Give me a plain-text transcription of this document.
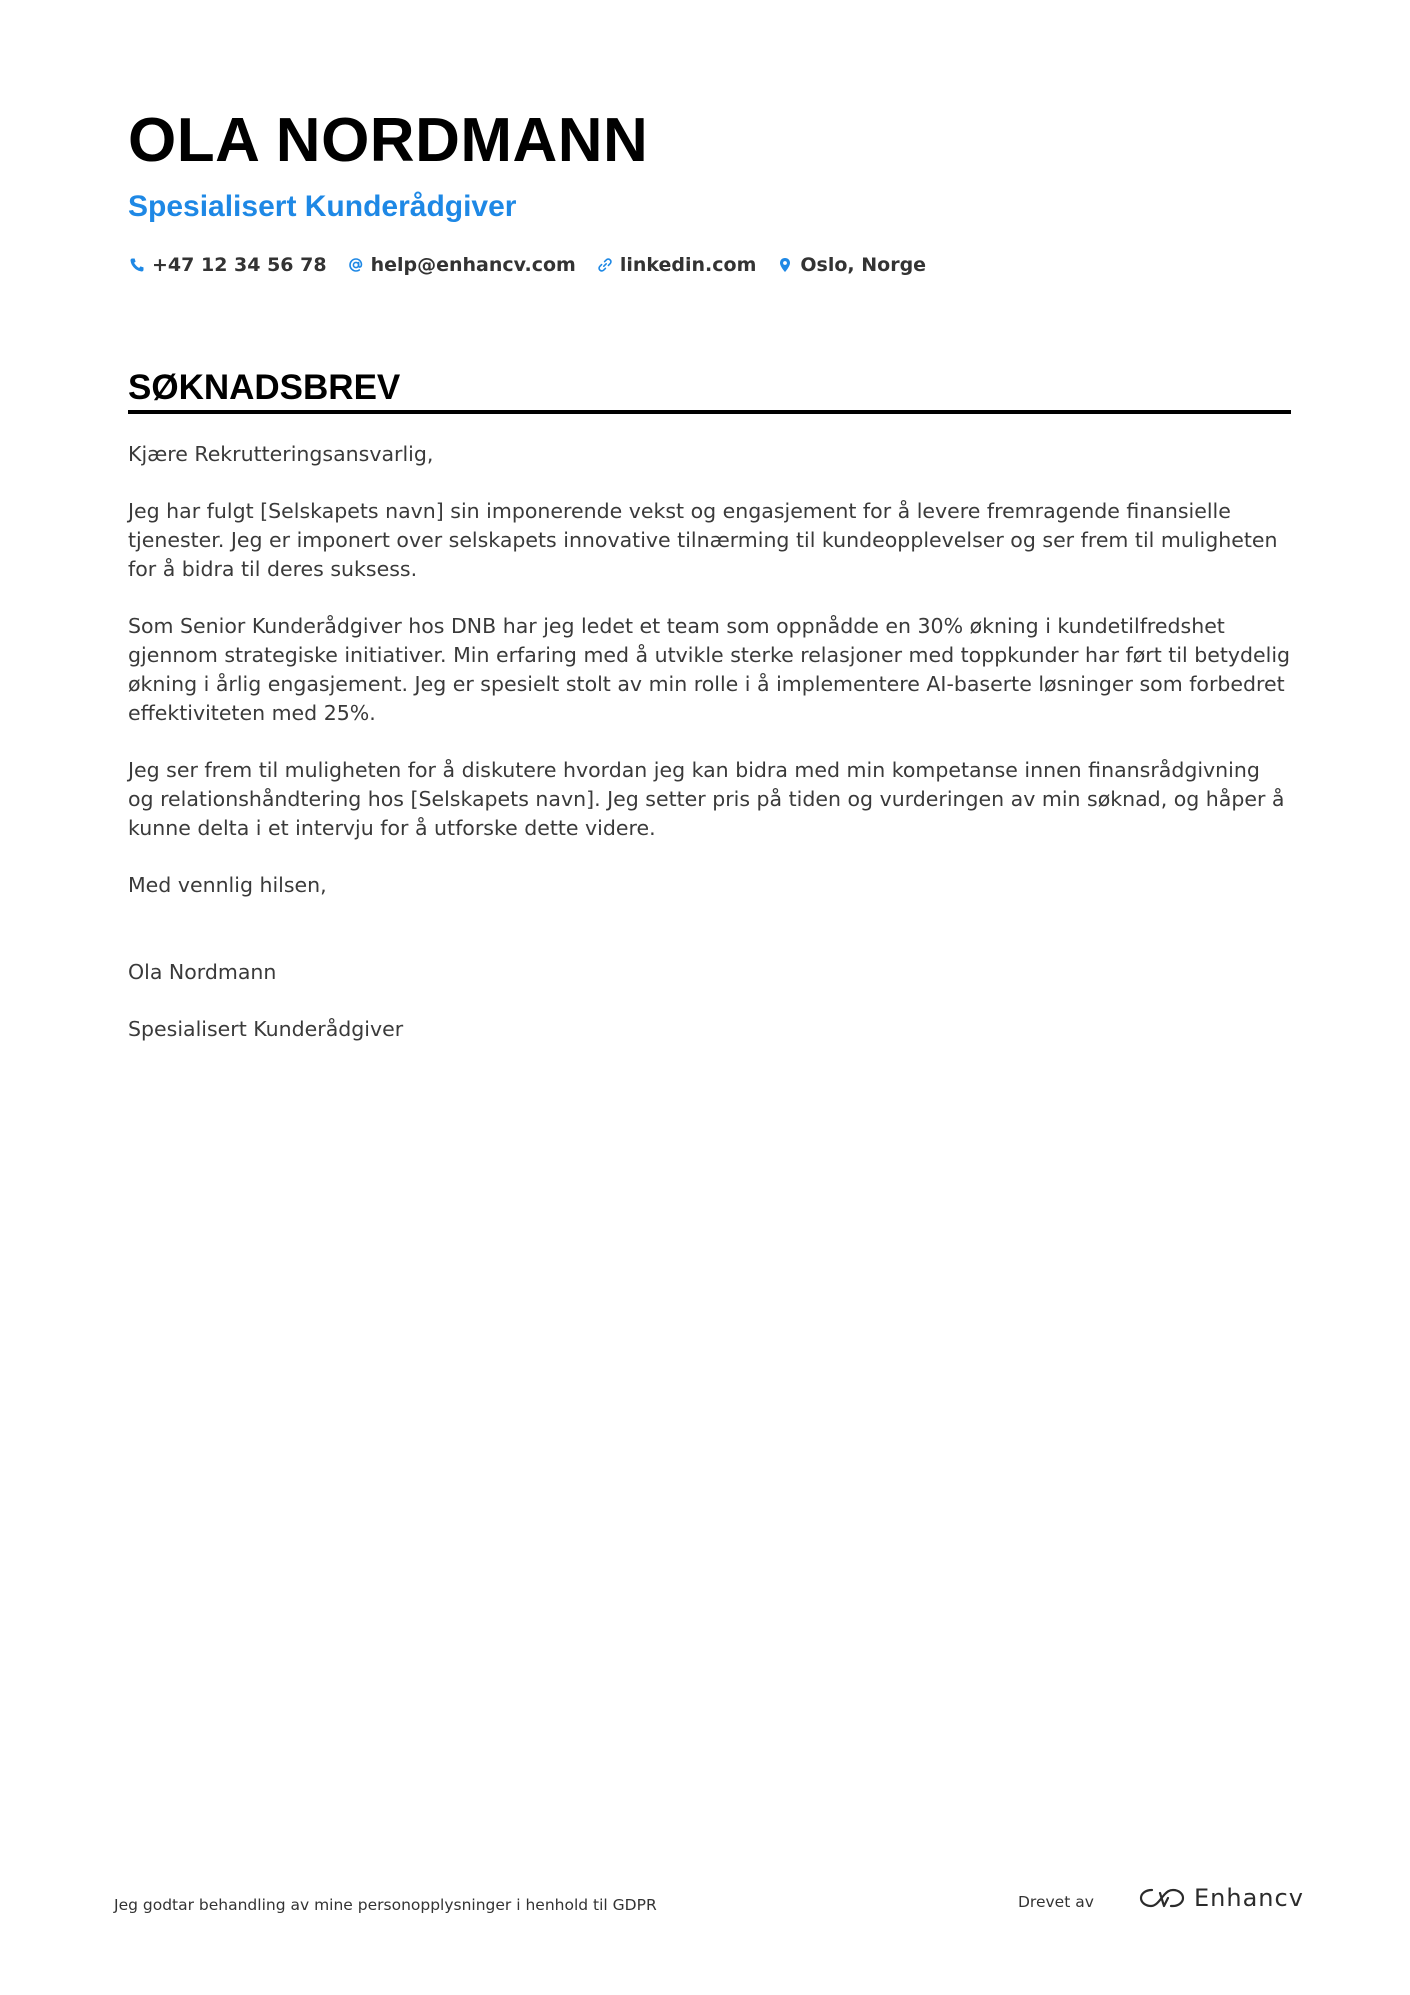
OLA NORDMANN
Spesialisert Kunderådgiver
+47 12 34 56 78 help@enhancv.com linkedin.com Oslo, Norge
SØKNADSBREV

Kjære Rekrutteringsansvarlig,

Jeg har fulgt [Selskapets navn] sin imponerende vekst og engasjement for å levere fremragende finansielle tjenester. Jeg er imponert over selskapets innovative tilnærming til kundeopplevelser og ser frem til muligheten for å bidra til deres suksess.

Som Senior Kunderådgiver hos DNB har jeg ledet et team som oppnådde en 30% økning i kundetilfredshet gjennom strategiske initiativer. Min erfaring med å utvikle sterke relasjoner med toppkunder har ført til betydelig økning i årlig engasjement. Jeg er spesielt stolt av min rolle i å implementere AI-baserte løsninger som forbedret effektiviteten med 25%.

Jeg ser frem til muligheten for å diskutere hvordan jeg kan bidra med min kompetanse innen finansrådgivning og relationshåndtering hos [Selskapets navn]. Jeg setter pris på tiden og vurderingen av min søknad, og håper å kunne delta i et intervju for å utforske dette videre.

Med vennlig hilsen,

Ola Nordmann

Spesialisert Kunderådgiver

Jeg godtar behandling av mine personopplysninger i henhold til GDPR	Drevet av	Enhancv
